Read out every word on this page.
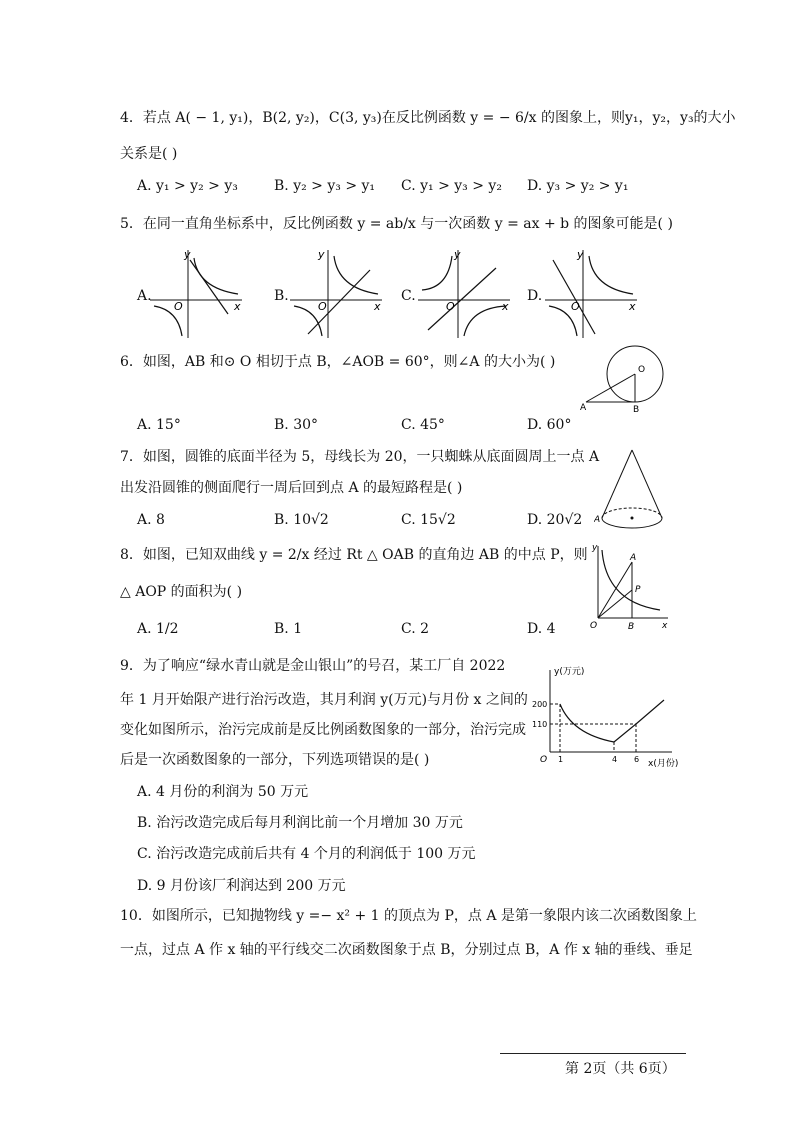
4．若点 A( − 1, y₁)，B(2, y₂)，C(3, y₃)在反比例函数 y = − 6/x 的图象上，则y₁，y₂，y₃的大小
关系是( )
A. y₁ > y₂ > y₃	B. y₂ > y₃ > y₁ C. y₁ > y₃ > y₂ D. y₃ > y₂ > y₁
5．在同一直角坐标系中，反比例函数 y = ab/x 与一次函数 y = ax + b 的图象可能是( )
A.	B.	C.	D.
y
x
O
y
x
O
y
x
O
y
x
O
6．如图，AB 和⊙ O 相切于点 B，∠AOB = 60°，则∠A 的大小为( )
A. 15°	B. 30°	C. 45°	D. 60°
O
A	B
7．如图，圆锥的底面半径为 5，母线长为 20，一只蜘蛛从底面圆周上一点 A
出发沿圆锥的侧面爬行一周后回到点 A 的最短路程是( )
A. 8	B. 10√2	C. 15√2	D. 20√2 A
8．如图，已知双曲线 y = 2/x 经过 Rt △ OAB 的直角边 AB 的中点 P，则
△ AOP 的面积为( )
A. 1/2	B. 1	C. 2	D. 4
y
x
O
A
B
P
9．为了响应“绿水青山就是金山银山”的号召，某工厂自 2022
年 1 月开始限产进行治污改造，其月利润 y(万元)与月份 x 之间的
变化如图所示，治污完成前是反比例函数图象的一部分，治污完成
后是一次函数图象的一部分，下列选项错误的是( )
A. 4 月份的利润为 50 万元
B. 治污改造完成后每月利润比前一个月增加 30 万元
C. 治污改造完成前后共有 4 个月的利润低于 100 万元
D. 9 月份该厂利润达到 200 万元
y(万元)
x(月份)
O
200
110
1	4 6
10．如图所示，已知抛物线 y =− x² + 1 的顶点为 P，点 A 是第一象限内该二次函数图象上
一点，过点 A 作 x 轴的平行线交二次函数图象于点 B，分别过点 B，A 作 x 轴的垂线、垂足
第 2页（共 6页）
